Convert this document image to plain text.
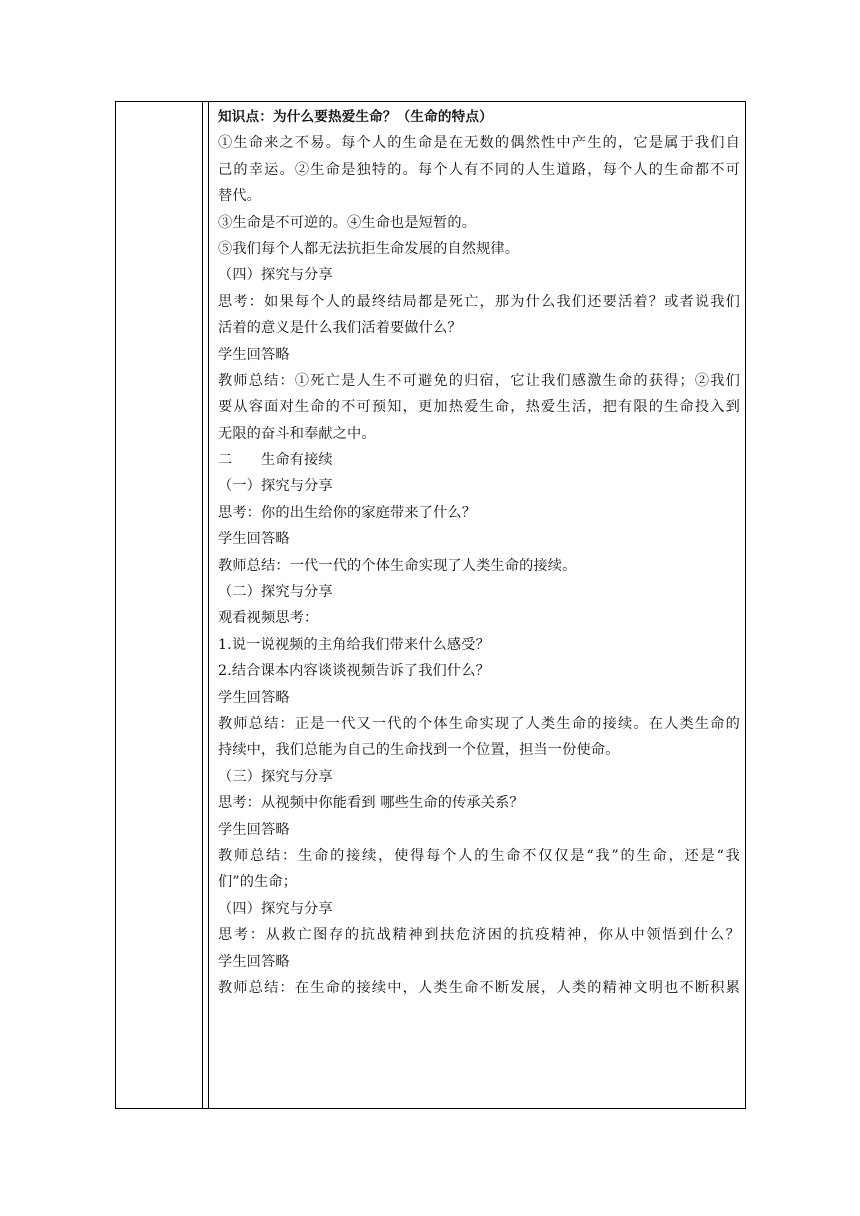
知识点：为什么要热爱生命？（生命的特点）
①生命来之不易。每个人的生命是在无数的偶然性中产生的，它是属于我们自
己的幸运。②生命是独特的。每个人有不同的人生道路，每个人的生命都不可
替代。
③生命是不可逆的。④生命也是短暂的。
⑤我们每个人都无法抗拒生命发展的自然规律。
（四）探究与分享
思考：如果每个人的最终结局都是死亡，那为什么我们还要活着？或者说我们
活着的意义是什么我们活着要做什么？
学生回答略
教师总结：①死亡是人生不可避免的归宿，它让我们感激生命的获得；②我们
要从容面对生命的不可预知，更加热爱生命，热爱生活，把有限的生命投入到
无限的奋斗和奉献之中。
二　　生命有接续
（一）探究与分享
思考：你的出生给你的家庭带来了什么？
学生回答略
教师总结：一代一代的个体生命实现了人类生命的接续。
（二）探究与分享
观看视频思考：
1.说一说视频的主角给我们带来什么感受？
2.结合课本内容谈谈视频告诉了我们什么？
学生回答略
教师总结：正是一代又一代的个体生命实现了人类生命的接续。在人类生命的
持续中，我们总能为自己的生命找到一个位置，担当一份使命。
（三）探究与分享
思考：从视频中你能看到 哪些生命的传承关系？
学生回答略
教师总结：生命的接续，使得每个人的生命不仅仅是“我”的生命，还是“我
们”的生命；
（四）探究与分享
思考：从救亡图存的抗战精神到扶危济困的抗疫精神，你从中领悟到什么？
学生回答略
教师总结：在生命的接续中，人类生命不断发展，人类的精神文明也不断积累
